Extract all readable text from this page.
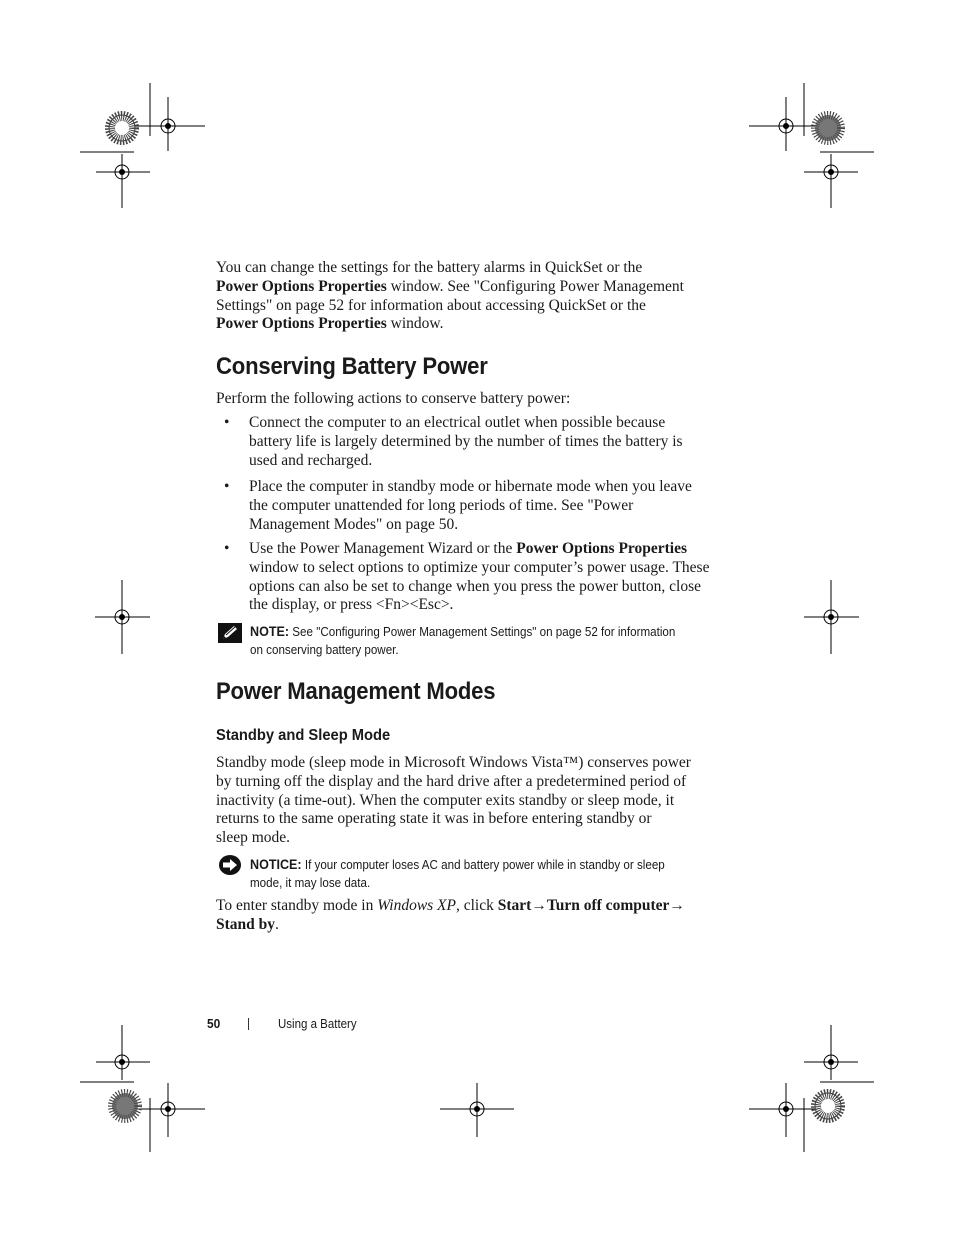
You can change the settings for the battery alarms in QuickSet or the
Power Options Properties window. See "Configuring Power Management
Settings" on page 52 for information about accessing QuickSet or the
Power Options Properties window.

Conserving Battery Power

Perform the following actions to conserve battery power:

• Connect the computer to an electrical outlet when possible because
battery life is largely determined by the number of times the battery is
used and recharged.

• Place the computer in standby mode or hibernate mode when you leave
the computer unattended for long periods of time. See "Power
Management Modes" on page 50.

• Use the Power Management Wizard or the Power Options Properties
window to select options to optimize your computer’s power usage. These
options can also be set to change when you press the power button, close
the display, or press <Fn><Esc>.

NOTE: See "Configuring Power Management Settings" on page 52 for information
on conserving battery power.

Power Management Modes
Standby and Sleep Mode

Standby mode (sleep mode in Microsoft Windows Vista™) conserves power
by turning off the display and the hard drive after a predetermined period of
inactivity (a time-out). When the computer exits standby or sleep mode, it
returns to the same operating state it was in before entering standby or
sleep mode.

NOTICE: If your computer loses AC and battery power while in standby or sleep
mode, it may lose data.

To enter standby mode in Windows XP, click Start→Turn off computer→
Stand by.

50	Using a Battery
